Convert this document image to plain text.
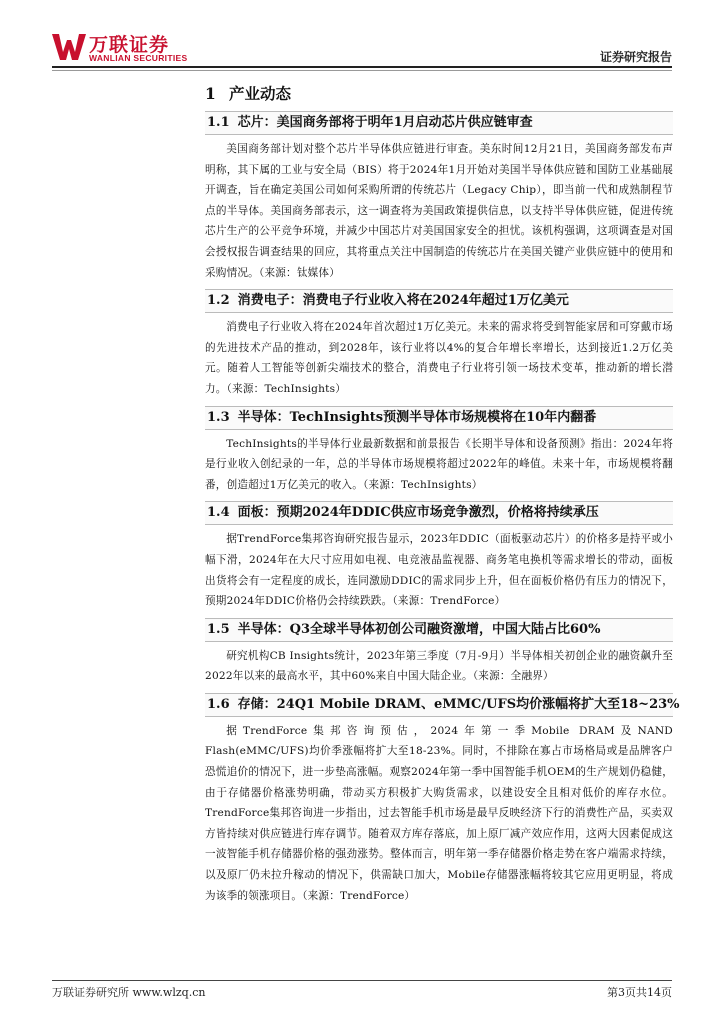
万联证券
WANLIAN SECURITIES	证券研究报告
1 产业动态
1.1 芯片：美国商务部将于明年1月启动芯片供应链审查
美国商务部计划对整个芯片半导体供应链进行审查。美东时间12月21日，美国商务部发布声明称，其下属的工业与安全局（BIS）将于2024年1月开始对美国半导体供应链和国防工业基础展开调查，旨在确定美国公司如何采购所谓的传统芯片（Legacy Chip），即当前一代和成熟制程节点的半导体。美国商务部表示，这一调查将为美国政策提供信息，以支持半导体供应链，促进传统芯片生产的公平竞争环境，并减少中国芯片对美国国家安全的担忧。该机构强调，这项调查是对国会授权报告调查结果的回应，其将重点关注中国制造的传统芯片在美国关键产业供应链中的使用和采购情况。（来源：钛媒体）
1.2 消费电子：消费电子行业收入将在2024年超过1万亿美元
消费电子行业收入将在2024年首次超过1万亿美元。未来的需求将受到智能家居和可穿戴市场的先进技术产品的推动，到2028年，该行业将以4%的复合年增长率增长，达到接近1.2万亿美元。随着人工智能等创新尖端技术的整合，消费电子行业将引领一场技术变革，推动新的增长潜力。（来源：TechInsights）
1.3 半导体：TechInsights预测半导体市场规模将在10年内翻番
TechInsights的半导体行业最新数据和前景报告《长期半导体和设备预测》指出：2024年将是行业收入创纪录的一年，总的半导体市场规模将超过2022年的峰值。未来十年，市场规模将翻番，创造超过1万亿美元的收入。（来源：TechInsights）
1.4 面板：预期2024年DDIC供应市场竞争激烈，价格将持续承压
据TrendForce集邦咨询研究报告显示，2023年DDIC（面板驱动芯片）的价格多是持平或小幅下滑，2024年在大尺寸应用如电视、电竞液晶监视器、商务笔电换机等需求增长的带动，面板出货将会有一定程度的成长，连同激励DDIC的需求同步上升，但在面板价格仍有压力的情况下，预期2024年DDIC价格仍会持续跌跌。（来源：TrendForce）
1.5 半导体：Q3全球半导体初创公司融资激增，中国大陆占比60%
研究机构CB Insights统计，2023年第三季度（7月-9月）半导体相关初创企业的融资飙升至2022年以来的最高水平，其中60%来自中国大陆企业。（来源：全融界）
1.6 存储：24Q1 Mobile DRAM、eMMC/UFS均价涨幅将扩大至18~23%
据TrendForce集邦咨询预估，2024年第一季Mobile DRAM及NAND Flash(eMMC/UFS)均价季涨幅将扩大至18-23%。同时，不排除在寡占市场格局或是品牌客户恐慌追价的情况下，进一步垫高涨幅。观察2024年第一季中国智能手机OEM的生产规划仍稳健，由于存储器价格涨势明确，带动买方积极扩大购货需求，以建设安全且相对低价的库存水位。TrendForce集邦咨询进一步指出，过去智能手机市场是最早反映经济下行的消费性产品，买卖双方皆持续对供应链进行库存调节。随着双方库存落底，加上原厂减产效应作用，这两大因素促成这一波智能手机存储器价格的强劲涨势。整体而言，明年第一季存储器价格走势在客户端需求持续，以及原厂仍未拉升稼动的情况下，供需缺口加大，Mobile存储器涨幅将较其它应用更明显，将成为该季的领涨项目。（来源：TrendForce）
万联证券研究所 www.wlzq.cn	第3页共14页
